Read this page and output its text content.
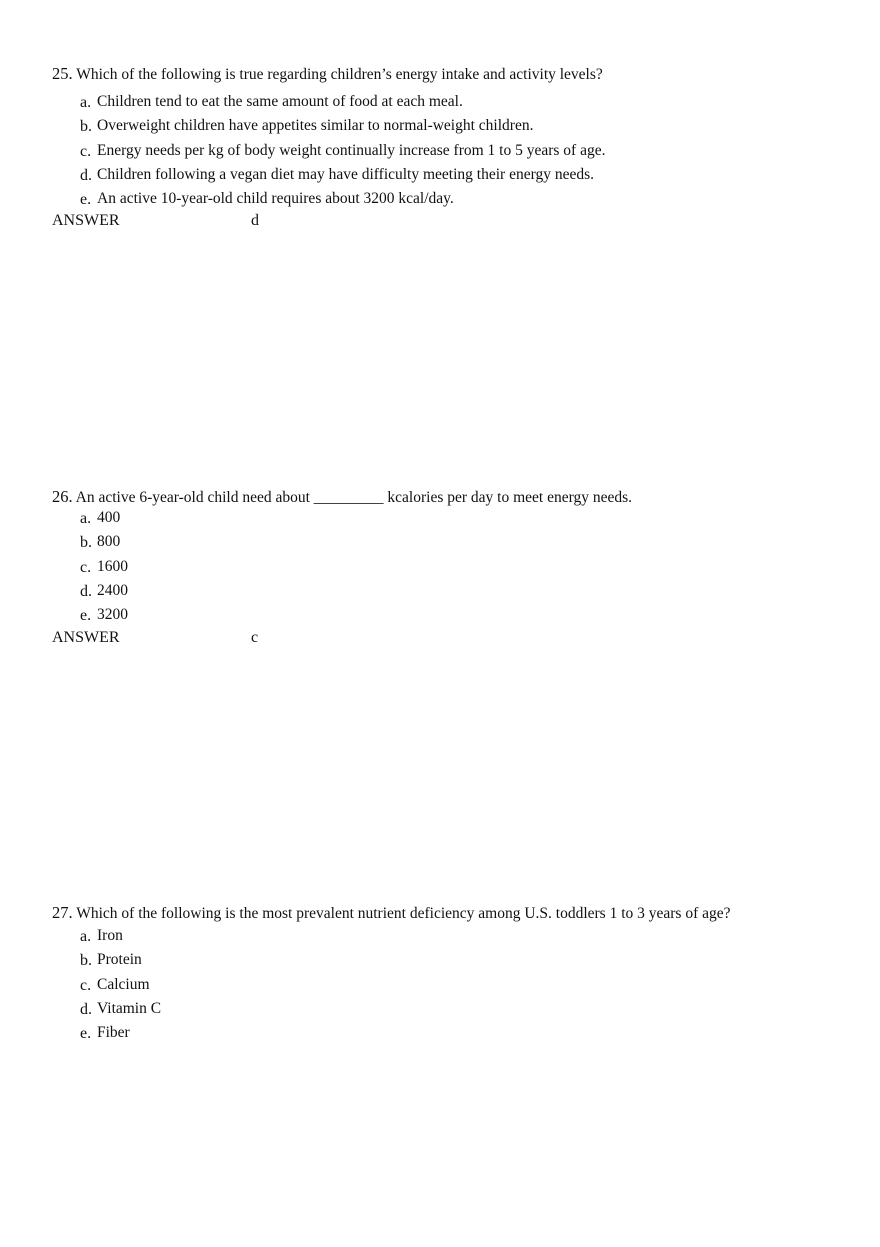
25. Which of the following is true regarding children’s energy intake and activity levels?
a. Children tend to eat the same amount of food at each meal.
b. Overweight children have appetites similar to normal-weight children.
c. Energy needs per kg of body weight continually increase from 1 to 5 years of age.
d. Children following a vegan diet may have difficulty meeting their energy needs.
e. An active 10-year-old child requires about 3200 kcal/day.
ANSWER	d
26. An active 6-year-old child need about _________ kcalories per day to meet energy needs.
a. 400
b. 800
c. 1600
d. 2400
e. 3200
ANSWER	c
27. Which of the following is the most prevalent nutrient deficiency among U.S. toddlers 1 to 3 years of age?
a. Iron
b. Protein
c. Calcium
d. Vitamin C
e. Fiber
